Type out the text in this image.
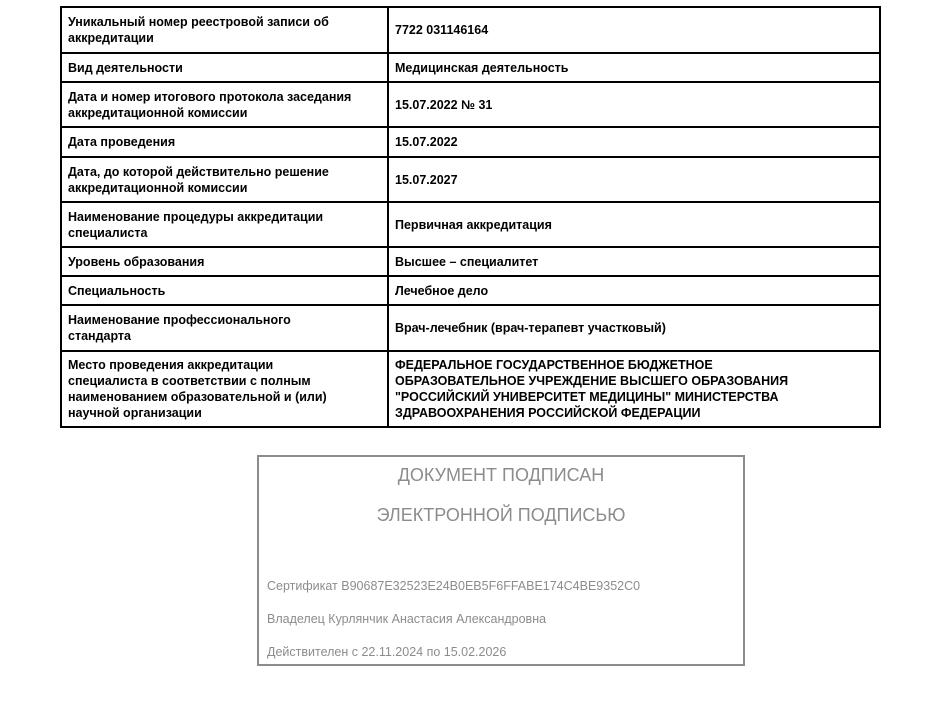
Уникальный номер реестровой записи об
аккредитации	7722 031146164

Вид деятельности	Медицинская деятельность

Дата и номер итогового протокола заседания
аккредитационной комиссии	15.07.2022 № 31

Дата проведения	15.07.2022

Дата, до которой действительно решение
аккредитационной комиссии	15.07.2027

Наименование процедуры аккредитации
специалиста	Первичная аккредитация

Уровень образования	Высшее – специалитет

Специальность	Лечебное дело

Наименование профессионального
стандарта	Врач-лечебник (врач-терапевт участковый)

Место проведения аккредитации
специалиста в соответствии с полным
наименованием образовательной и (или)
научной организации	ФЕДЕРАЛЬНОЕ ГОСУДАРСТВЕННОЕ БЮДЖЕТНОЕ
ОБРАЗОВАТЕЛЬНОЕ УЧРЕЖДЕНИЕ ВЫСШЕГО ОБРАЗОВАНИЯ
"РОССИЙСКИЙ УНИВЕРСИТЕТ МЕДИЦИНЫ" МИНИСТЕРСТВА
ЗДРАВООХРАНЕНИЯ РОССИЙСКОЙ ФЕДЕРАЦИИ
ДОКУМЕНТ ПОДПИСАН
ЭЛЕКТРОННОЙ ПОДПИСЬЮ
Сертификат B90687E32523E24B0EB5F6FFABE174C4BE9352C0
Владелец Курлянчик Анастасия Александровна
Действителен с 22.11.2024 по 15.02.2026
